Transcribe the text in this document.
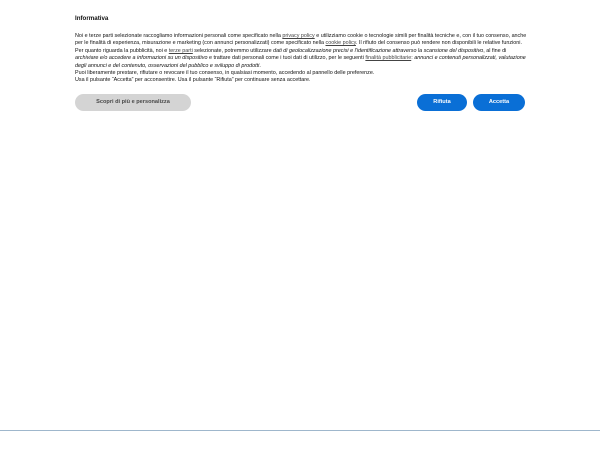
Informativa

Noi e terze parti selezionate raccogliamo informazioni personali come specificato nella privacy policy e utilizziamo cookie o tecnologie simili per finalità tecniche e, con il tuo consenso, anche per le finalità di esperienza, misurazione e marketing (con annunci personalizzati) come specificato nella cookie policy. Il rifiuto del consenso può rendere non disponibili le relative funzioni.

Per quanto riguarda la pubblicità, noi e terze parti selezionate, potremmo utilizzare dati di geolocalizzazione precisi e l'identificazione attraverso la scansione del dispositivo, al fine di archiviare e/o accedere a informazioni su un dispositivo e trattare dati personali come i tuoi dati di utilizzo, per le seguenti finalità pubblicitarie: annunci e contenuti personalizzati, valutazione degli annunci e del contenuto, osservazioni del pubblico e sviluppo di prodotti.

Puoi liberamente prestare, rifiutare o revocare il tuo consenso, in qualsiasi momento, accedendo al pannello delle preferenze.

Usa il pulsante “Accetta” per acconsentire. Usa il pulsante “Rifiuta” per continuare senza accettare.

Scopri di più e personalizza	Rifiuta	Accetta
